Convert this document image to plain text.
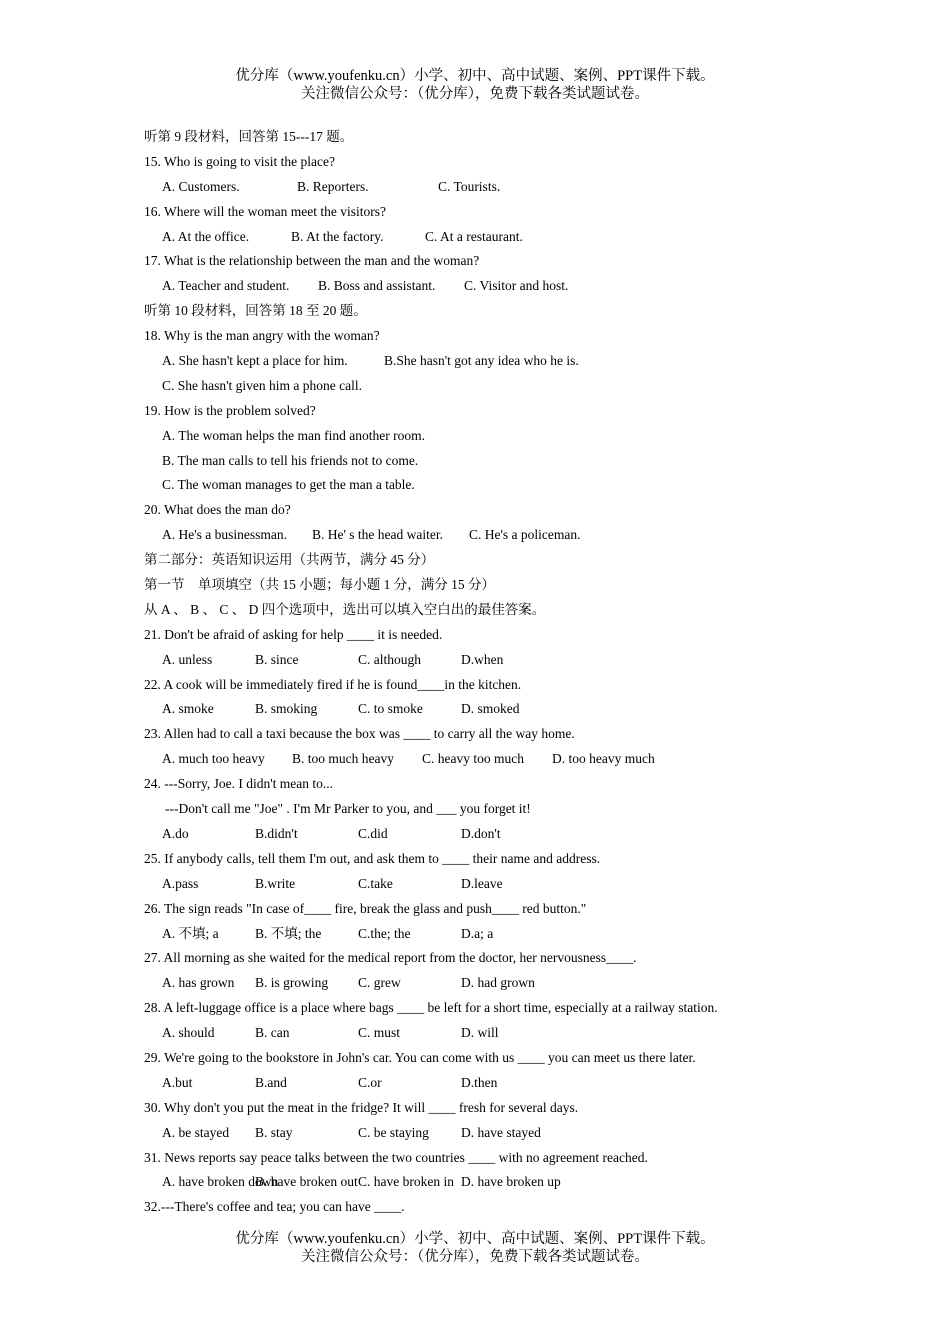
优分库（www.youfenku.cn）小学、初中、高中试题、案例、PPT课件下载。
关注微信公众号：（优分库），免费下载各类试题试卷。
听第 9 段材料，回答第 15---17 题。
15. Who is going to visit the place?
A. Customers.	B. Reporters.	C. Tourists.
16. Where will the woman meet the visitors?
A. At the office.	B. At the factory.	C. At a restaurant.
17. What is the relationship between the man and the woman?
A. Teacher and student. B. Boss and assistant. C. Visitor and host.
听第 10 段材料，回答第 18 至 20 题。
18. Why is the man angry with the woman?
A. She hasn't kept a place for him.	B.She hasn't got any idea who he is.
C. She hasn't given him a phone call.
19. How is the problem solved?
A. The woman helps the man find another room.
B. The man calls to tell his friends not to come.
C. The woman manages to get the man a table.
20. What does the man do?
A. He's a businessman. B. He' s the head waiter. C. He's a policeman.
第二部分：英语知识运用（共两节，满分 45 分）
第一节    单项填空（共 15 小题；每小题 1 分，满分 15 分）
从 A 、 B 、 C 、 D 四个选项中，选出可以填入空白出的最佳答案。
21. Don't be afraid of asking for help ____ it is needed.
A. unless	B. since	C. although	D.when
22. A cook will be immediately fired if he is found____in the kitchen.
A. smoke	B. smoking	C. to smoke	D. smoked
23. Allen had to call a taxi because the box was ____ to carry all the way home.
A. much too heavy B. too much heavy C. heavy too much D. too heavy much
24. ---Sorry, Joe. I didn't mean to...
---Don't call me "Joe" . I'm Mr Parker to you, and ___ you forget it!
A.do	B.didn't	C.did	D.don't
25. If anybody calls, tell them I'm out, and ask them to ____ their name and address.
A.pass	B.write	C.take	D.leave
26. The sign reads "In case of____ fire, break the glass and push____ red button."
A. 不填; a	B. 不填; the	C.the; the	D.a; a
27. All morning as she waited for the medical report from the doctor, her nervousness____.
A. has grown B. is growing C. grew	D. had grown
28. A left-luggage office is a place where bags ____ be left for a short time, especially at a railway station.
A. should	B. can	C. must	D. will
29. We're going to the bookstore in John's car. You can come with us ____ you can meet us there later.
A.but	B.and	C.or	D.then
30. Why don't you put the meat in the fridge? It will ____ fresh for several days.
A. be stayed B. stay	C. be staying D. have stayed
31. News reports say peace talks between the two countries ____ with no agreement reached.
A. have broken downB. have broken outC. have broken in D. have broken up
32.---There's coffee and tea; you can have ____.
优分库（www.youfenku.cn）小学、初中、高中试题、案例、PPT课件下载。
关注微信公众号：（优分库），免费下载各类试题试卷。
